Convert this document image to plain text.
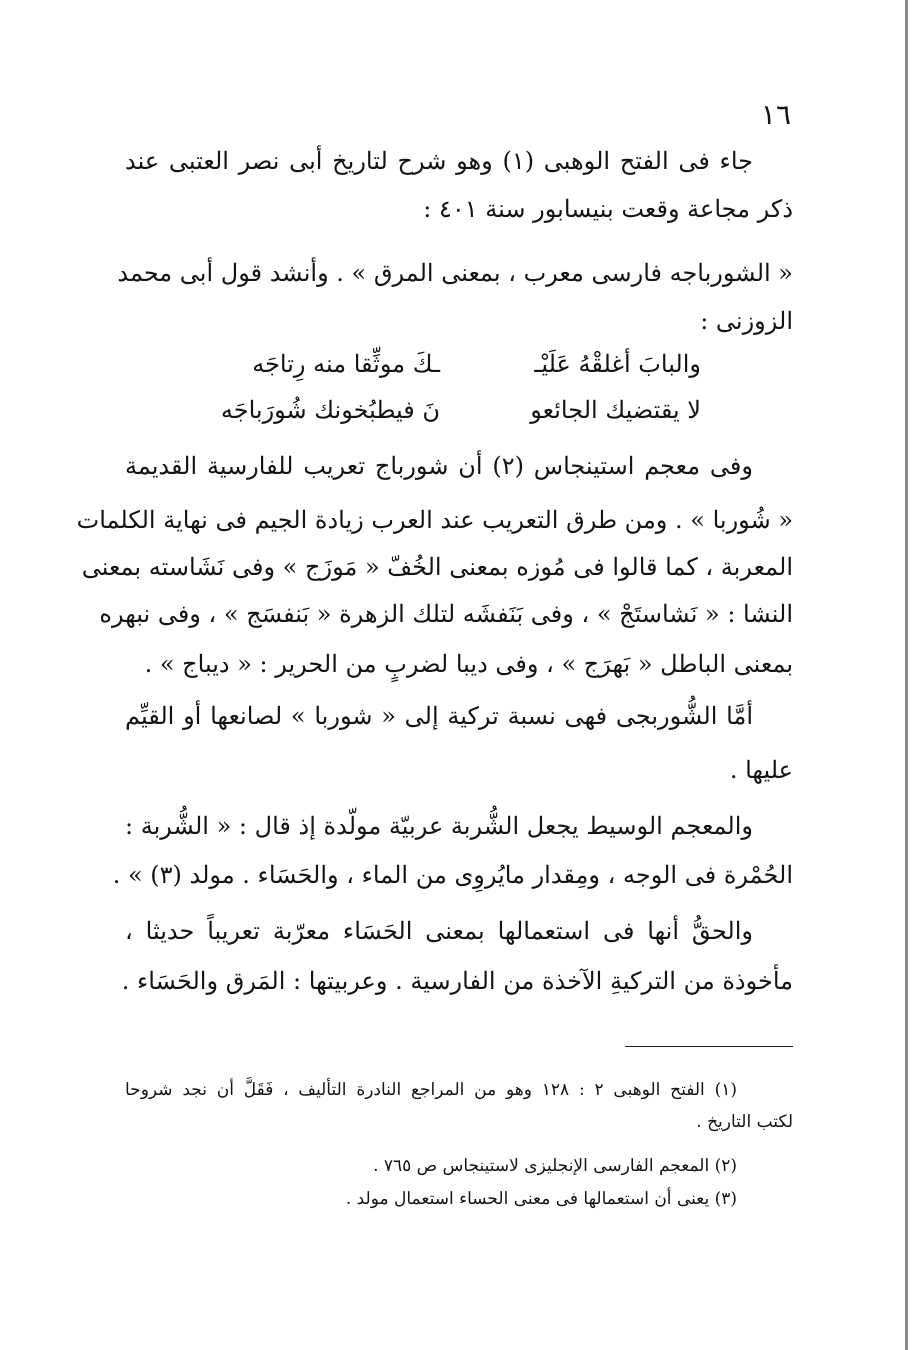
١٦
جاء فى الفتح الوهبى (١) وهو شرح لتاريخ أبى نصر العتبى عند
ذكر مجاعة وقعت بنيسابور سنة ٤٠١ :
« الشورباجه فارسى معرب ، بمعنى المرق » . وأنشد قول أبى محمد
الزوزنى :
والبابَ أغلقْهُ عَلَيْـ
ـكَ موثِّقا منه رِتاجَه
لا يقتضيك الجائعو
نَ فيطبُخونك شُورَباجَه
وفى معجم استينجاس (٢) أن شورباج تعريب للفارسية القديمة
« شُوربا » . ومن طرق التعريب عند العرب زيادة الجيم فى نهاية الكلمات
المعربة ، كما قالوا فى مُوزه بمعنى الخُفّ « مَوزَج » وفى نَشَاسته بمعنى
النشا : « نَشاستَجْ » ، وفى بَنَفشَه لتلك الزهرة « بَنفسَج » ، وفى نبهره
بمعنى الباطل « بَهرَج » ، وفى ديبا لضربٍ من الحرير : « ديباج » .
أمَّا الشُّوربجى فهى نسبة تركية إلى « شوربا » لصانعها أو القيِّم
عليها .
والمعجم الوسيط يجعل الشُّربة عربيّة مولّدة إذ قال : « الشُّربة :
الحُمْرة فى الوجه ، ومِقدار مايُروِى من الماء ، والحَسَاء . مولد (٣) » .
والحقُّ أنها فى استعمالها بمعنى الحَسَاء معرّبة تعريباً حديثا ،
مأخوذة من التركيةِ الآخذة من الفارسية . وعربيتها : المَرق والحَسَاء .
(١) الفتح الوهبى ٢ : ١٢٨ وهو من المراجع النادرة التأليف ، فَقَلَّ أن نجد شروحا
لكتب التاريخ .
(٢) المعجم الفارسى الإنجليزى لاستينجاس ص ٧٦٥ .
(٣) يعنى أن استعمالها فى معنى الحساء استعمال مولد .
